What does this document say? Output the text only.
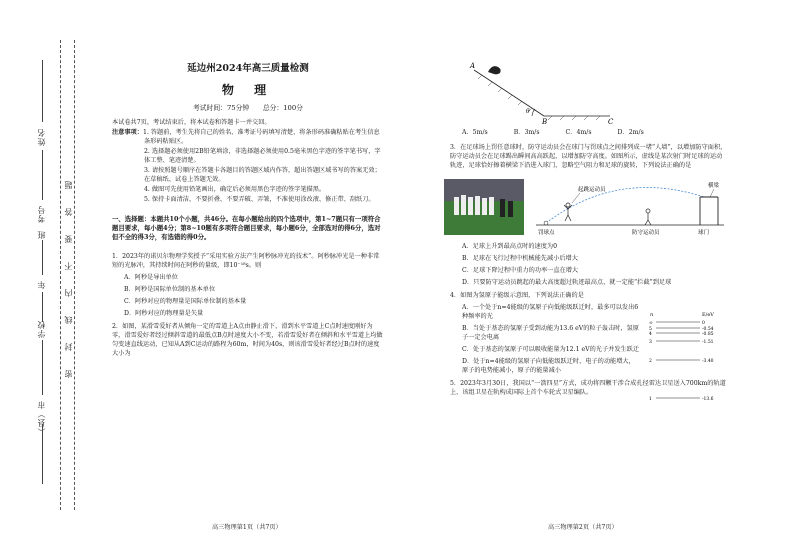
密　　封　　线　　内　　不　　要　　答　　题
（县）市
学校
年
班
考号
姓名
延边州2024年高三质量检测
物 理
考试时间：75分钟　　总分：100分

本试卷共7页，考试结束后，将本试卷和答题卡一并交回。

注意事项：1. 答题前，考生先将自己的姓名、准考证号码填写清楚，将条形码准确粘贴在考生信息条形码粘贴区。

2. 选择题必须使用2B铅笔填涂，非选择题必须使用0.5毫米黑色字迹的签字笔书写，字体工整、笔迹清楚。

3. 请按照题号顺序在答题卡各题目的答题区域内作答，超出答题区域书写的答案无效；在草稿纸、试卷上答题无效。

4. 做图可先使用铅笔画出，确定后必须用黑色字迹的签字笔描黑。

5. 保持卡面清洁，不要折叠、不要弄破、弄皱，不准使用涂改液、修正带、刮纸刀。

一、选择题：本题共10个小题，共46分。在每小题给出的四个选项中，第1~7题只有一项符合题目要求，每小题4分；第8~10题有多项符合题目要求，每小题6分，全部选对的得6分，选对但不全的得3分，有选错的得0分。

1．2023年的诺贝尔物理学奖授予“采用实验方法产生阿秒脉冲光的技术”。阿秒脉冲光是一种非常短的光脉冲，其持续时间在阿秒的量级，即10⁻¹⁸s。则

A．阿秒是导出单位

B．阿秒是国际单位制的基本单位

C．阿秒对应的物理量是国际单位制的基本量

D．阿秒对应的物理量是矢量

2．如图，某滑雪爱好者从倾角一定的雪道上A点由静止滑下，滑到水平雪道上C点时速度刚好为零，滑雪爱好者经过倾斜雪道的最低点B点时速度大小不变，若滑雪爱好者在倾斜和水平雪道上均做匀变速直线运动，已知从A到C运动的路程为60m，时间为40s，则该滑雪爱好者经过B点时的速度大小为

高三物理第1页（共7页）
A
θ
B	C
A．5m/s	B．3m/s	C．4m/s	D．2m/s

3．在足球场上罚任意球时，防守运动员会在球门与罚球点之间排列成一堵“人墙”，以增加防守面积，防守运动员会在足球踢出瞬间高高跃起，以增加防守高度。如图所示，虚线是某次射门时足球的运动轨迹，足球恰好擦着横梁下沿进入球门，忽略空气阻力和足球的旋转，下列说法正确的是

起跳运动员
横梁
罚球点	防守运动员	球门

A．足球上升到最高点时的速度为0

B．足球在飞行过程中机械能先减小后增大

C．足球下降过程中重力的功率一直在增大

D．只要防守运动员跳起的最大高度超过轨迹最高点，就一定能“拦截”到足球

4．如图为氢原子能级示意图，下列说法正确的是

A．一个处于n=4能级的氢原子向低能级跃迁时，最多可以发出6种频率的光

B．当处于基态的氢原子受到动能为13.6 eV的粒子轰击时，氢原子一定会电离

C．处于基态的氢原子可以吸收能量为12.1 eV的光子并发生跃迁

D．处于n=4能级的氢原子向低能级跃迁时，电子的动能增大，原子的电势能减小，原子的能量减小

n	E/eV
∞	0
5	-0.54
4	-0.85
3	-1.51
2	-3.40
1	-13.6

5．2023年3月30日，我国以“一箭四星”方式，成功将四颗干涉合成孔径雷达卫星送入700km的轨道上，该组卫星在轨构成国际上首个车轮式卫星编队。

高三物理第2页（共7页）
